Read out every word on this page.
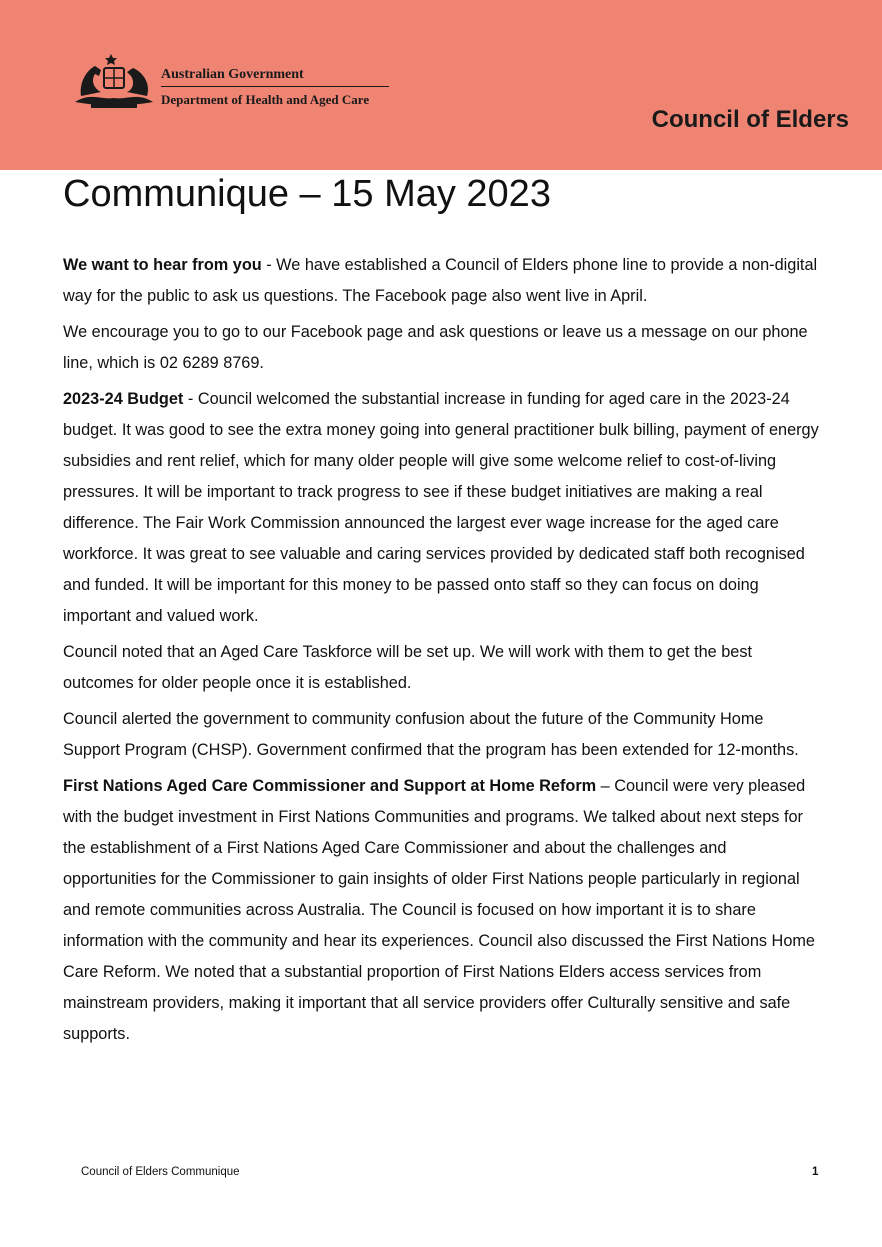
Australian Government
Department of Health and Aged Care
Council of Elders
Communique – 15 May 2023

We want to hear from you - We have established a Council of Elders phone line to provide a non-digital way for the public to ask us questions. The Facebook page also went live in April.

We encourage you to go to our Facebook page and ask questions or leave us a message on our phone line, which is 02 6289 8769.

2023-24 Budget - Council welcomed the substantial increase in funding for aged care in the 2023-24 budget. It was good to see the extra money going into general practitioner bulk billing, payment of energy subsidies and rent relief, which for many older people will give some welcome relief to cost-of-living pressures. It will be important to track progress to see if these budget initiatives are making a real difference. The Fair Work Commission announced the largest ever wage increase for the aged care workforce. It was great to see valuable and caring services provided by dedicated staff both recognised and funded. It will be important for this money to be passed onto staff so they can focus on doing important and valued work.

Council noted that an Aged Care Taskforce will be set up. We will work with them to get the best outcomes for older people once it is established.

Council alerted the government to community confusion about the future of the Community Home Support Program (CHSP). Government confirmed that the program has been extended for 12-months.

First Nations Aged Care Commissioner and Support at Home Reform – Council were very pleased with the budget investment in First Nations Communities and programs. We talked about next steps for the establishment of a First Nations Aged Care Commissioner and about the challenges and opportunities for the Commissioner to gain insights of older First Nations people particularly in regional and remote communities across Australia. The Council is focused on how important it is to share information with the community and hear its experiences. Council also discussed the First Nations Home Care Reform. We noted that a substantial proportion of First Nations Elders access services from mainstream providers, making it important that all service providers offer Culturally sensitive and safe supports.

Council of Elders Communique	1
